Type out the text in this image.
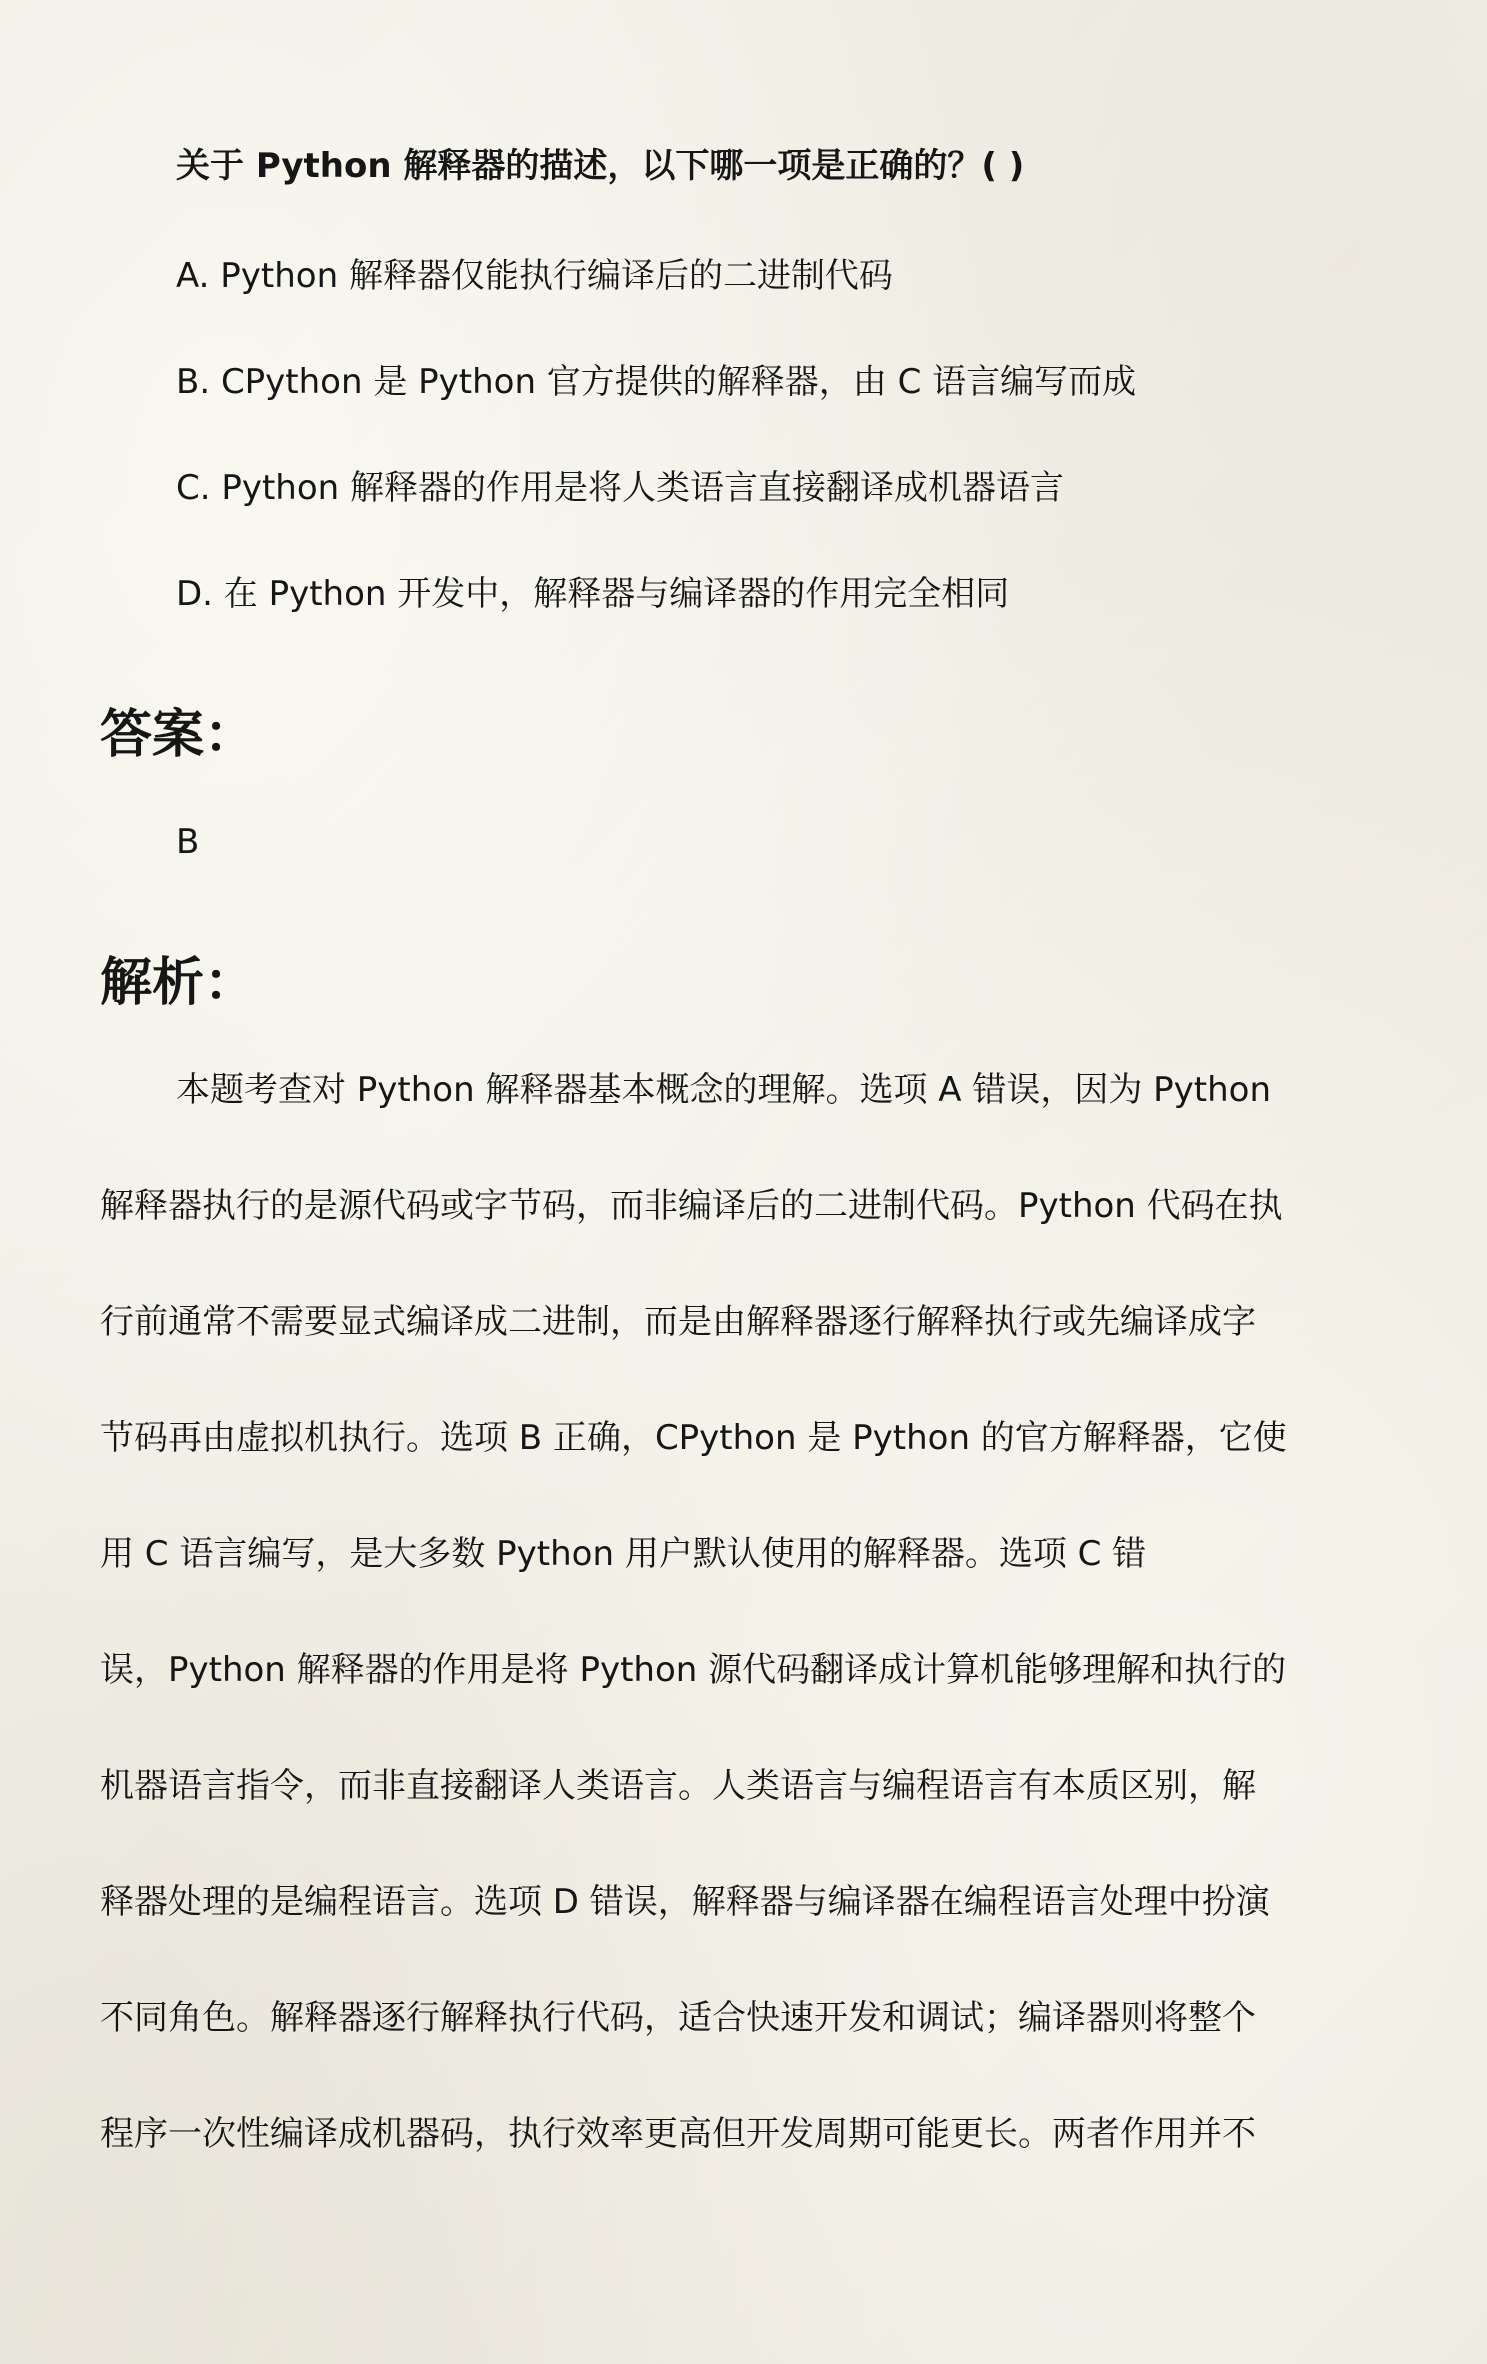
关于 Python 解释器的描述，以下哪一项是正确的？( )
A. Python 解释器仅能执行编译后的二进制代码
B. CPython 是 Python 官方提供的解释器，由 C 语言编写而成
C. Python 解释器的作用是将人类语言直接翻译成机器语言
D. 在 Python 开发中，解释器与编译器的作用完全相同
答案：
B
解析：
本题考查对 Python 解释器基本概念的理解。选项 A 错误，因为 Python
解释器执行的是源代码或字节码，而非编译后的二进制代码。Python 代码在执
行前通常不需要显式编译成二进制，而是由解释器逐行解释执行或先编译成字
节码再由虚拟机执行。选项 B 正确，CPython 是 Python 的官方解释器，它使
用 C 语言编写，是大多数 Python 用户默认使用的解释器。选项 C 错
误，Python 解释器的作用是将 Python 源代码翻译成计算机能够理解和执行的
机器语言指令，而非直接翻译人类语言。人类语言与编程语言有本质区别，解
释器处理的是编程语言。选项 D 错误，解释器与编译器在编程语言处理中扮演
不同角色。解释器逐行解释执行代码，适合快速开发和调试；编译器则将整个
程序一次性编译成机器码，执行效率更高但开发周期可能更长。两者作用并不
